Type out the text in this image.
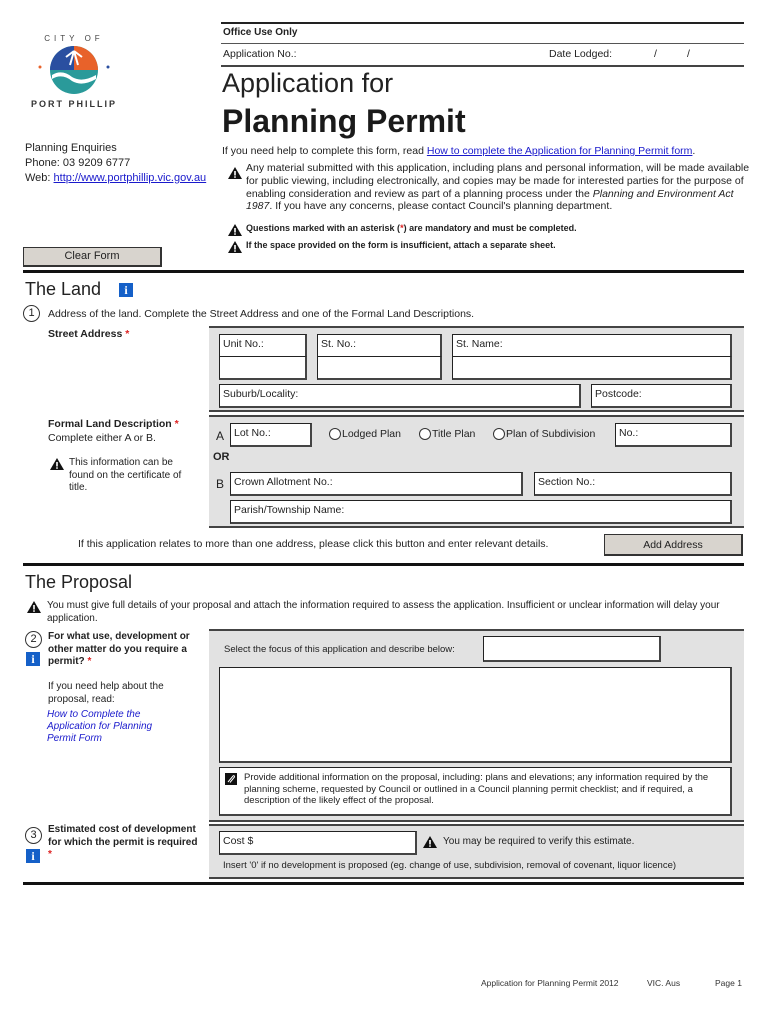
CITY OF
PORT PHILLIP
Planning Enquiries
Phone: 03 9209 6777
Web: http://www.portphillip.vic.gov.au
Clear Form
Office Use Only
Application No.:	Date Lodged:	/	/
Application for
Planning Permit
If you need help to complete this form, read How to complete the Application for Planning Permit form.
Any material submitted with this application, including plans and personal information, will be made available for public viewing, including electronically, and copies may be made for interested parties for the purpose of enabling consideration and review as part of a planning process under the Planning and Environment Act 1987. If you have any concerns, please contact Council's planning department.
Questions marked with an asterisk (*) are mandatory and must be completed.
If the space provided on the form is insufficient, attach a separate sheet.
The Land	i
1	Address of the land. Complete the Street Address and one of the Formal Land Descriptions.
Street Address *
Unit No.:	St. No.:	St. Name:
Suburb/Locality:	Postcode:
Formal Land Description *
Complete either A or B.
This information can be found on the certificate of title.
A Lot No.:	Lodged Plan	Title Plan	Plan of Subdivision	No.:
OR
B Crown Allotment No.:	Section No.:
Parish/Township Name:
If this application relates to more than one address, please click this button and enter relevant details.	Add Address
The Proposal
You must give full details of your proposal and attach the information required to assess the application. Insufficient or unclear information will delay your application.
2
i
For what use, development or other matter do you require a permit? *
If you need help about the proposal, read:
How to Complete the Application for Planning Permit Form
Select the focus of this application and describe below:
Provide additional information on the proposal, including: plans and elevations; any information required by the planning scheme, requested by Council or outlined in a Council planning permit checklist; and if required, a description of the likely effect of the proposal.
3
i
Estimated cost of development for which the permit is required *
Cost $	You may be required to verify this estimate.
Insert '0' if no development is proposed (eg. change of use, subdivision, removal of covenant, liquor licence)
Application for Planning Permit 2012	VIC. Aus	Page 1
